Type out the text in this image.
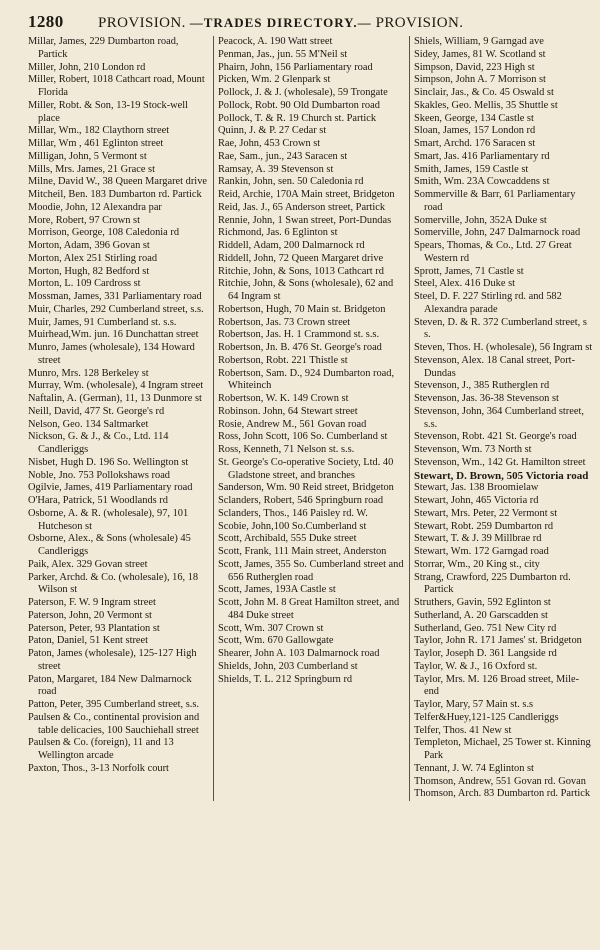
1280	PROVISION. —TRADES DIRECTORY.— PROVISION.
Millar, James, 229 Dumbarton road, Partick
Miller, John, 210 London rd
Miller, Robert, 1018 Cathcart road, Mount Florida
Miller, Robt. & Son, 13-19 Stock-well place
Millar, Wm., 182 Claythorn street
Millar, Wm , 461 Eglinton street
Milligan, John, 5 Vermont st
Mills, Mrs. James, 21 Grace st
Milne, David W., 38 Queen Margaret drive
Mitcheil, Ben. 183 Dumbarton rd. Partick
Moodie, John, 12 Alexandra par
More, Robert, 97 Crown st
Morrison, George, 108 Caledonia rd
Morton, Adam, 396 Govan st
Morton, Alex 251 Stirling road
Morton, Hugh, 82 Bedford st
Morton, L. 109 Cardross st
Mossman, James, 331 Parliamentary road
Muir, Charles, 292 Cumberland street, s.s.
Muir, James, 91 Cumberland st. s.s.
Muirhead,Wm. jun. 16 Dunchattan street
Munro, James (wholesale), 134 Howard street
Munro, Mrs. 128 Berkeley st
Murray, Wm. (wholesale), 4 Ingram street
Naftalin, A. (German), 11, 13 Dunmore st
Neill, David, 477 St. George's rd
Nelson, Geo. 134 Saltmarket
Nickson, G. & J., & Co., Ltd. 114 Candleriggs
Nisbet, Hugh D. 196 So. Wellington st
Noble, Jno. 753 Pollokshaws road
Ogilvie, James, 419 Parliamentary road
O'Hara, Patrick, 51 Woodlands rd
Osborne, A. & R. (wholesale), 97, 101 Hutcheson st
Osborne, Alex., & Sons (wholesale) 45 Candleriggs
Paik, Alex. 329 Govan street
Parker, Archd. & Co. (wholesale), 16, 18 Wilson st
Paterson, F. W. 9 Ingram street
Paterson, John, 20 Vermont st
Paterson, Peter, 93 Plantation st
Paton, Daniel, 51 Kent street
Paton, James (wholesale), 125-127 High street
Paton, Margaret, 184 New Dalmarnock road
Patton, Peter, 395 Cumberland street, s.s.
Paulsen & Co., continental provision and table delicacies, 100 Sauchiehall street
Paulsen & Co. (foreign), 11 and 13 Wellington arcade
Paxton, Thos., 3-13 Norfolk court
Peacock, A. 190 Watt street
Penman, Jas., jun. 55 M'Neil st
Phairn, John, 156 Parliamentary road
Picken, Wm. 2 Glenpark st
Pollock, J. & J. (wholesale), 59 Trongate
Pollock, Robt. 90 Old Dumbarton road
Pollock, T. & R. 19 Church st. Partick
Quinn, J. & P. 27 Cedar st
Rae, John, 453 Crown st
Rae, Sam., jun., 243 Saracen st
Ramsay, A. 39 Stevenson st
Rankin, John, sen. 50 Caledonia rd
Reid, Archie, 170A Main street, Bridgeton
Reid, Jas. J., 65 Anderson street, Partick
Rennie, John, 1 Swan street, Port-Dundas
Richmond, Jas. 6 Eglinton st
Riddell, Adam, 200 Dalmarnock rd
Riddell, John, 72 Queen Margaret drive
Ritchie, John, & Sons, 1013 Cathcart rd
Ritchie, John, & Sons (wholesale), 62 and 64 Ingram st
Robertson, Hugh, 70 Main st. Bridgeton
Robertson, Jas. 73 Crown street
Robertson, Jas. H. 1 Crammond st. s.s.
Robertson, Jn. B. 476 St. George's road
Robertson, Robt. 221 Thistle st
Robertson, Sam. D., 924 Dumbarton road, Whiteinch
Robertson, W. K. 149 Crown st
Robinson. John, 64 Stewart street
Rosie, Andrew M., 561 Govan road
Ross, John Scott, 106 So. Cumberland st
Ross, Kenneth, 71 Nelson st. s.s.
St. George's Co-operative Society, Ltd. 40 Gladstone street, and branches
Sanderson, Wm. 90 Reid street, Bridgeton
Sclanders, Robert, 546 Springburn road
Sclanders, Thos., 146 Paisley rd. W.
Scobie, John,100 So.Cumberland st
Scott, Archibald, 555 Duke street
Scott, Frank, 111 Main street, Anderston
Scott, James, 355 So. Cumberland street and 656 Rutherglen road
Scott, James, 193A Castle st
Scott, John M. 8 Great Hamilton street, and 484 Duke street
Scott, Wm. 307 Crown st
Scott, Wm. 670 Gallowgate
Shearer, John A. 103 Dalmarnock road
Shields, John, 203 Cumberland st
Shields, T. L. 212 Springburn rd
Shiels, William, 9 Garngad ave
Sidey, James, 81 W. Scotland st
Simpson, David, 223 High st
Simpson, John A. 7 Morrison st
Sinclair, Jas., & Co. 45 Oswald st
Skakles, Geo. Mellis, 35 Shuttle st
Skeen, George, 134 Castle st
Sloan, James, 157 London rd
Smart, Archd. 176 Saracen st
Smart, Jas. 416 Parliamentary rd
Smith, James, 159 Castle st
Smith, Wm. 23A Cowcaddens st
Sommerville & Barr, 61 Parliamentary road
Somerville, John, 352A Duke st
Somerville, John, 247 Dalmarnock road
Spears, Thomas, & Co., Ltd. 27 Great Western rd
Sprott, James, 71 Castle st
Steel, Alex. 416 Duke st
Steel, D. F. 227 Stirling rd. and 582 Alexandra parade
Steven, D. & R. 372 Cumberland street, s s.
Steven, Thos. H. (wholesale), 56 Ingram st
Stevenson, Alex. 18 Canal street, Port-Dundas
Stevenson, J., 385 Rutherglen rd
Stevenson, Jas. 36-38 Stevenson st
Stevenson, John, 364 Cumberland street, s.s.
Stevenson, Robt. 421 St. George's road
Stevenson, Wm. 73 North st
Stevenson, Wm., 142 Gt. Hamilton street
Stewart, D. Brown, 505 Victoria road
Stewart, Jas. 138 Broomielaw
Stewart, John, 465 Victoria rd
Stewart, Mrs. Peter, 22 Vermont st
Stewart, Robt. 259 Dumbarton rd
Stewart, T. & J. 39 Millbrae rd
Stewart, Wm. 172 Garngad road
Storrar, Wm., 20 King st., city
Strang, Crawford, 225 Dumbarton rd. Partick
Struthers, Gavin, 592 Eglinton st
Sutherland, A. 20 Garscadden st
Sutherland, Geo. 751 New City rd
Taylor, John R. 171 James' st. Bridgeton
Taylor, Joseph D. 361 Langside rd
Taylor, W. & J., 16 Oxford st.
Taylor, Mrs. M. 126 Broad street, Mile-end
Taylor, Mary, 57 Main st. s.s
Telfer&Huey,121-125 Candleriggs
Telfer, Thos. 41 New st
Templeton, Michael, 25 Tower st. Kinning Park
Tennant, J. W. 74 Eglinton st
Thomson, Andrew, 551 Govan rd. Govan
Thomson, Arch. 83 Dumbarton rd. Partick
